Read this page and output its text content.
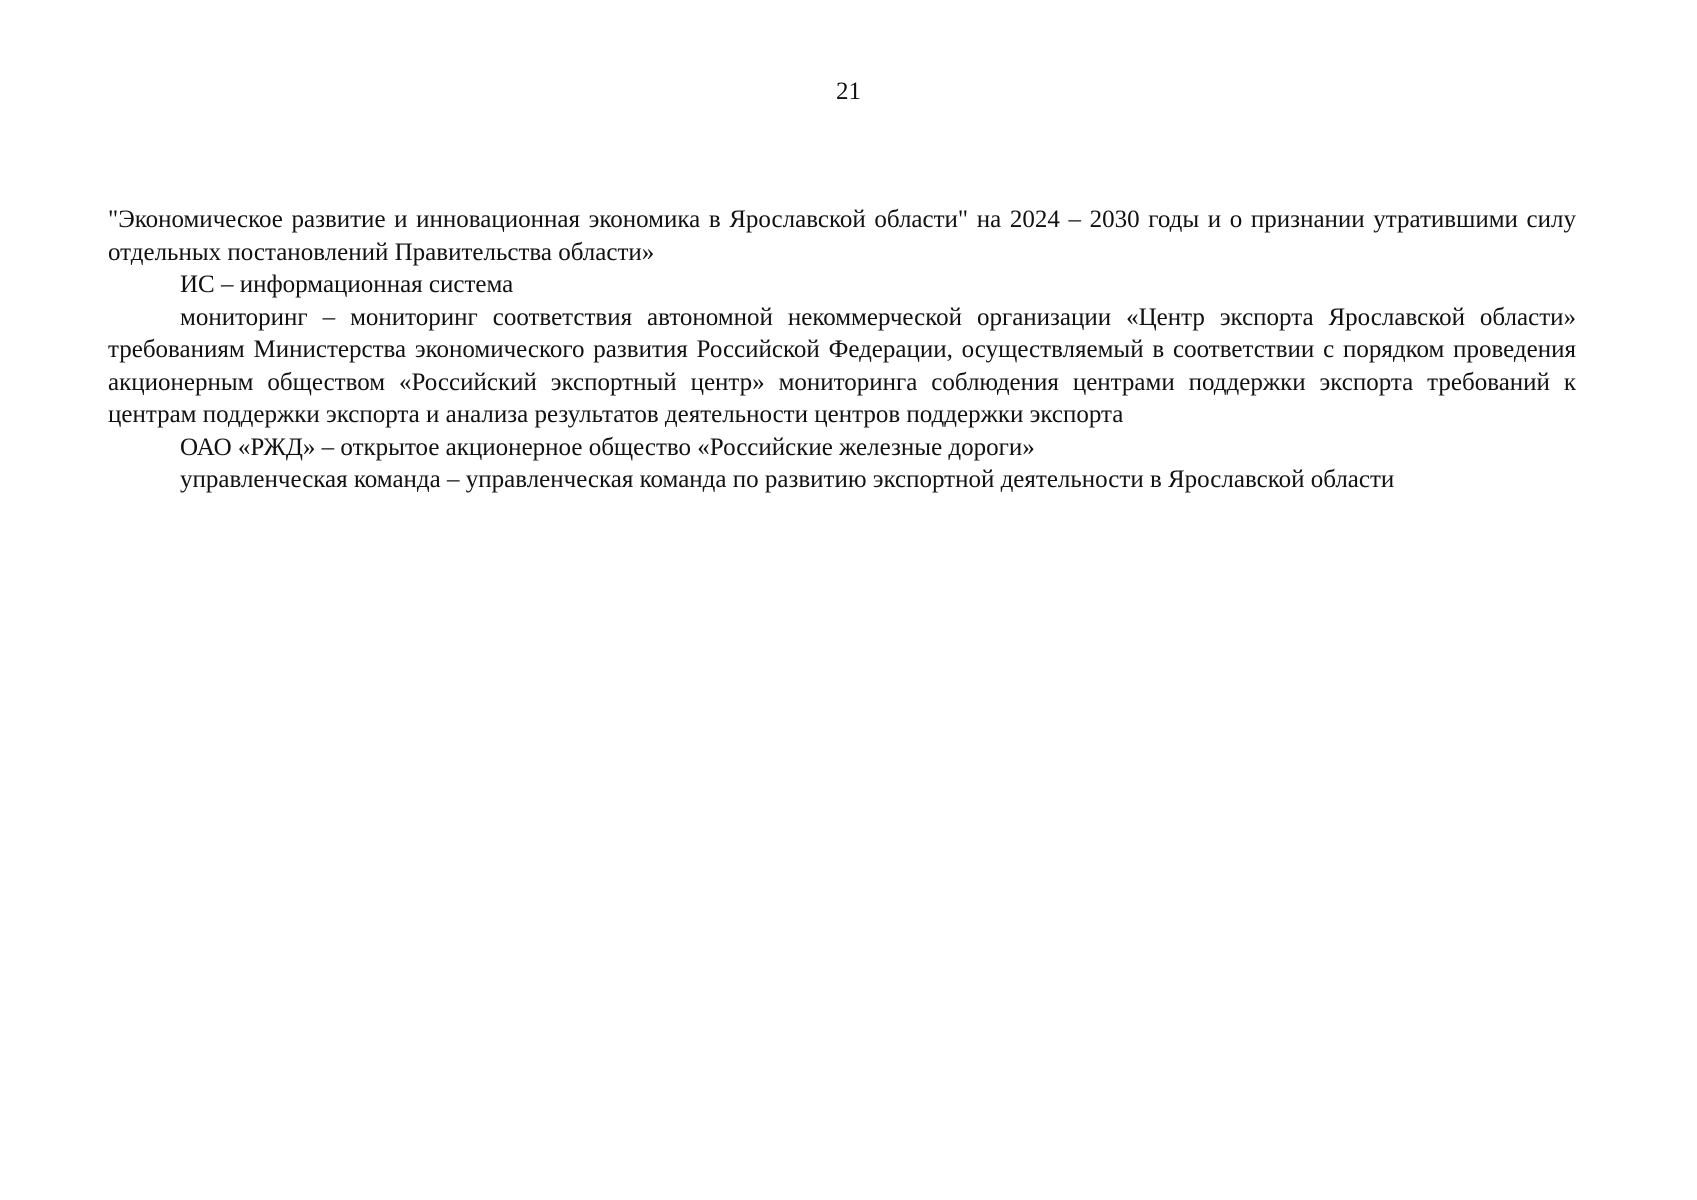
21

"Экономическое развитие и инновационная экономика в Ярославской области" на 2024 – 2030 годы и о признании утратившими силу отдельных постановлений Правительства области»

ИС – информационная система

мониторинг – мониторинг соответствия автономной некоммерческой организации «Центр экспорта Ярославской области» требованиям Министерства экономического развития Российской Федерации, осуществляемый в соответствии с порядком проведения акционерным обществом «Российский экспортный центр» мониторинга соблюдения центрами поддержки экспорта требований к центрам поддержки экспорта и анализа результатов деятельности центров поддержки экспорта

ОАО «РЖД» – открытое акционерное общество «Российские железные дороги»

управленческая команда – управленческая команда по развитию экспортной деятельности в Ярославской области
